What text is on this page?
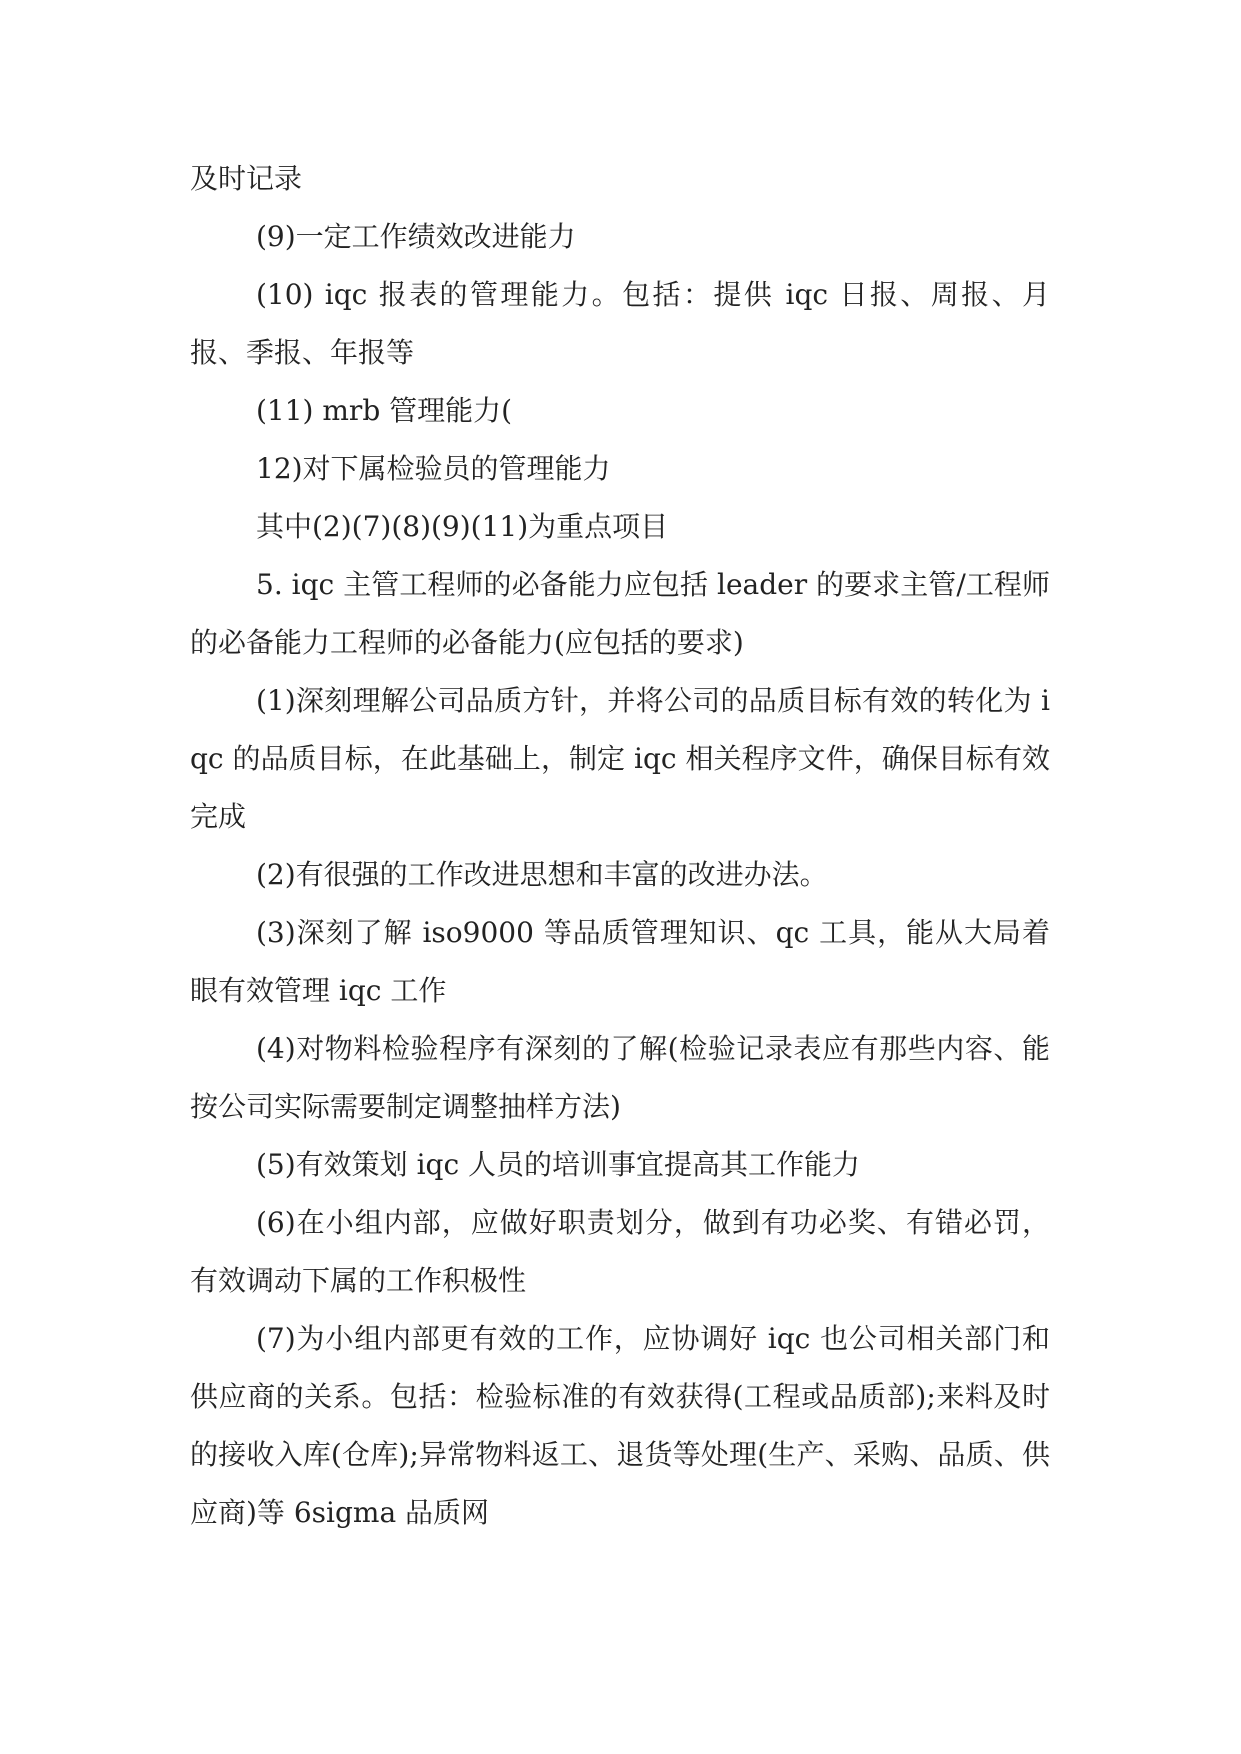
及时记录

(9)一定工作绩效改进能力

(10) iqc 报表的管理能力。包括：提供 iqc 日报、周报、月报、季报、年报等

(11) mrb 管理能力(

12)对下属检验员的管理能力

其中(2)(7)(8)(9)(11)为重点项目

5. iqc 主管工程师的必备能力应包括 leader 的要求主管/工程师的必备能力工程师的必备能力(应包括的要求)

(1)深刻理解公司品质方针，并将公司的品质目标有效的转化为 iqc 的品质目标，在此基础上，制定 iqc 相关程序文件，确保目标有效完成

(2)有很强的工作改进思想和丰富的改进办法。

(3)深刻了解 iso9000 等品质管理知识、qc 工具，能从大局着眼有效管理 iqc 工作

(4)对物料检验程序有深刻的了解(检验记录表应有那些内容、能按公司实际需要制定调整抽样方法)

(5)有效策划 iqc 人员的培训事宜提高其工作能力

(6)在小组内部，应做好职责划分，做到有功必奖、有错必罚，有效调动下属的工作积极性

(7)为小组内部更有效的工作，应协调好 iqc 也公司相关部门和供应商的关系。包括：检验标准的有效获得(工程或品质部);来料及时的接收入库(仓库);异常物料返工、退货等处理(生产、采购、品质、供应商)等 6sigma 品质网
